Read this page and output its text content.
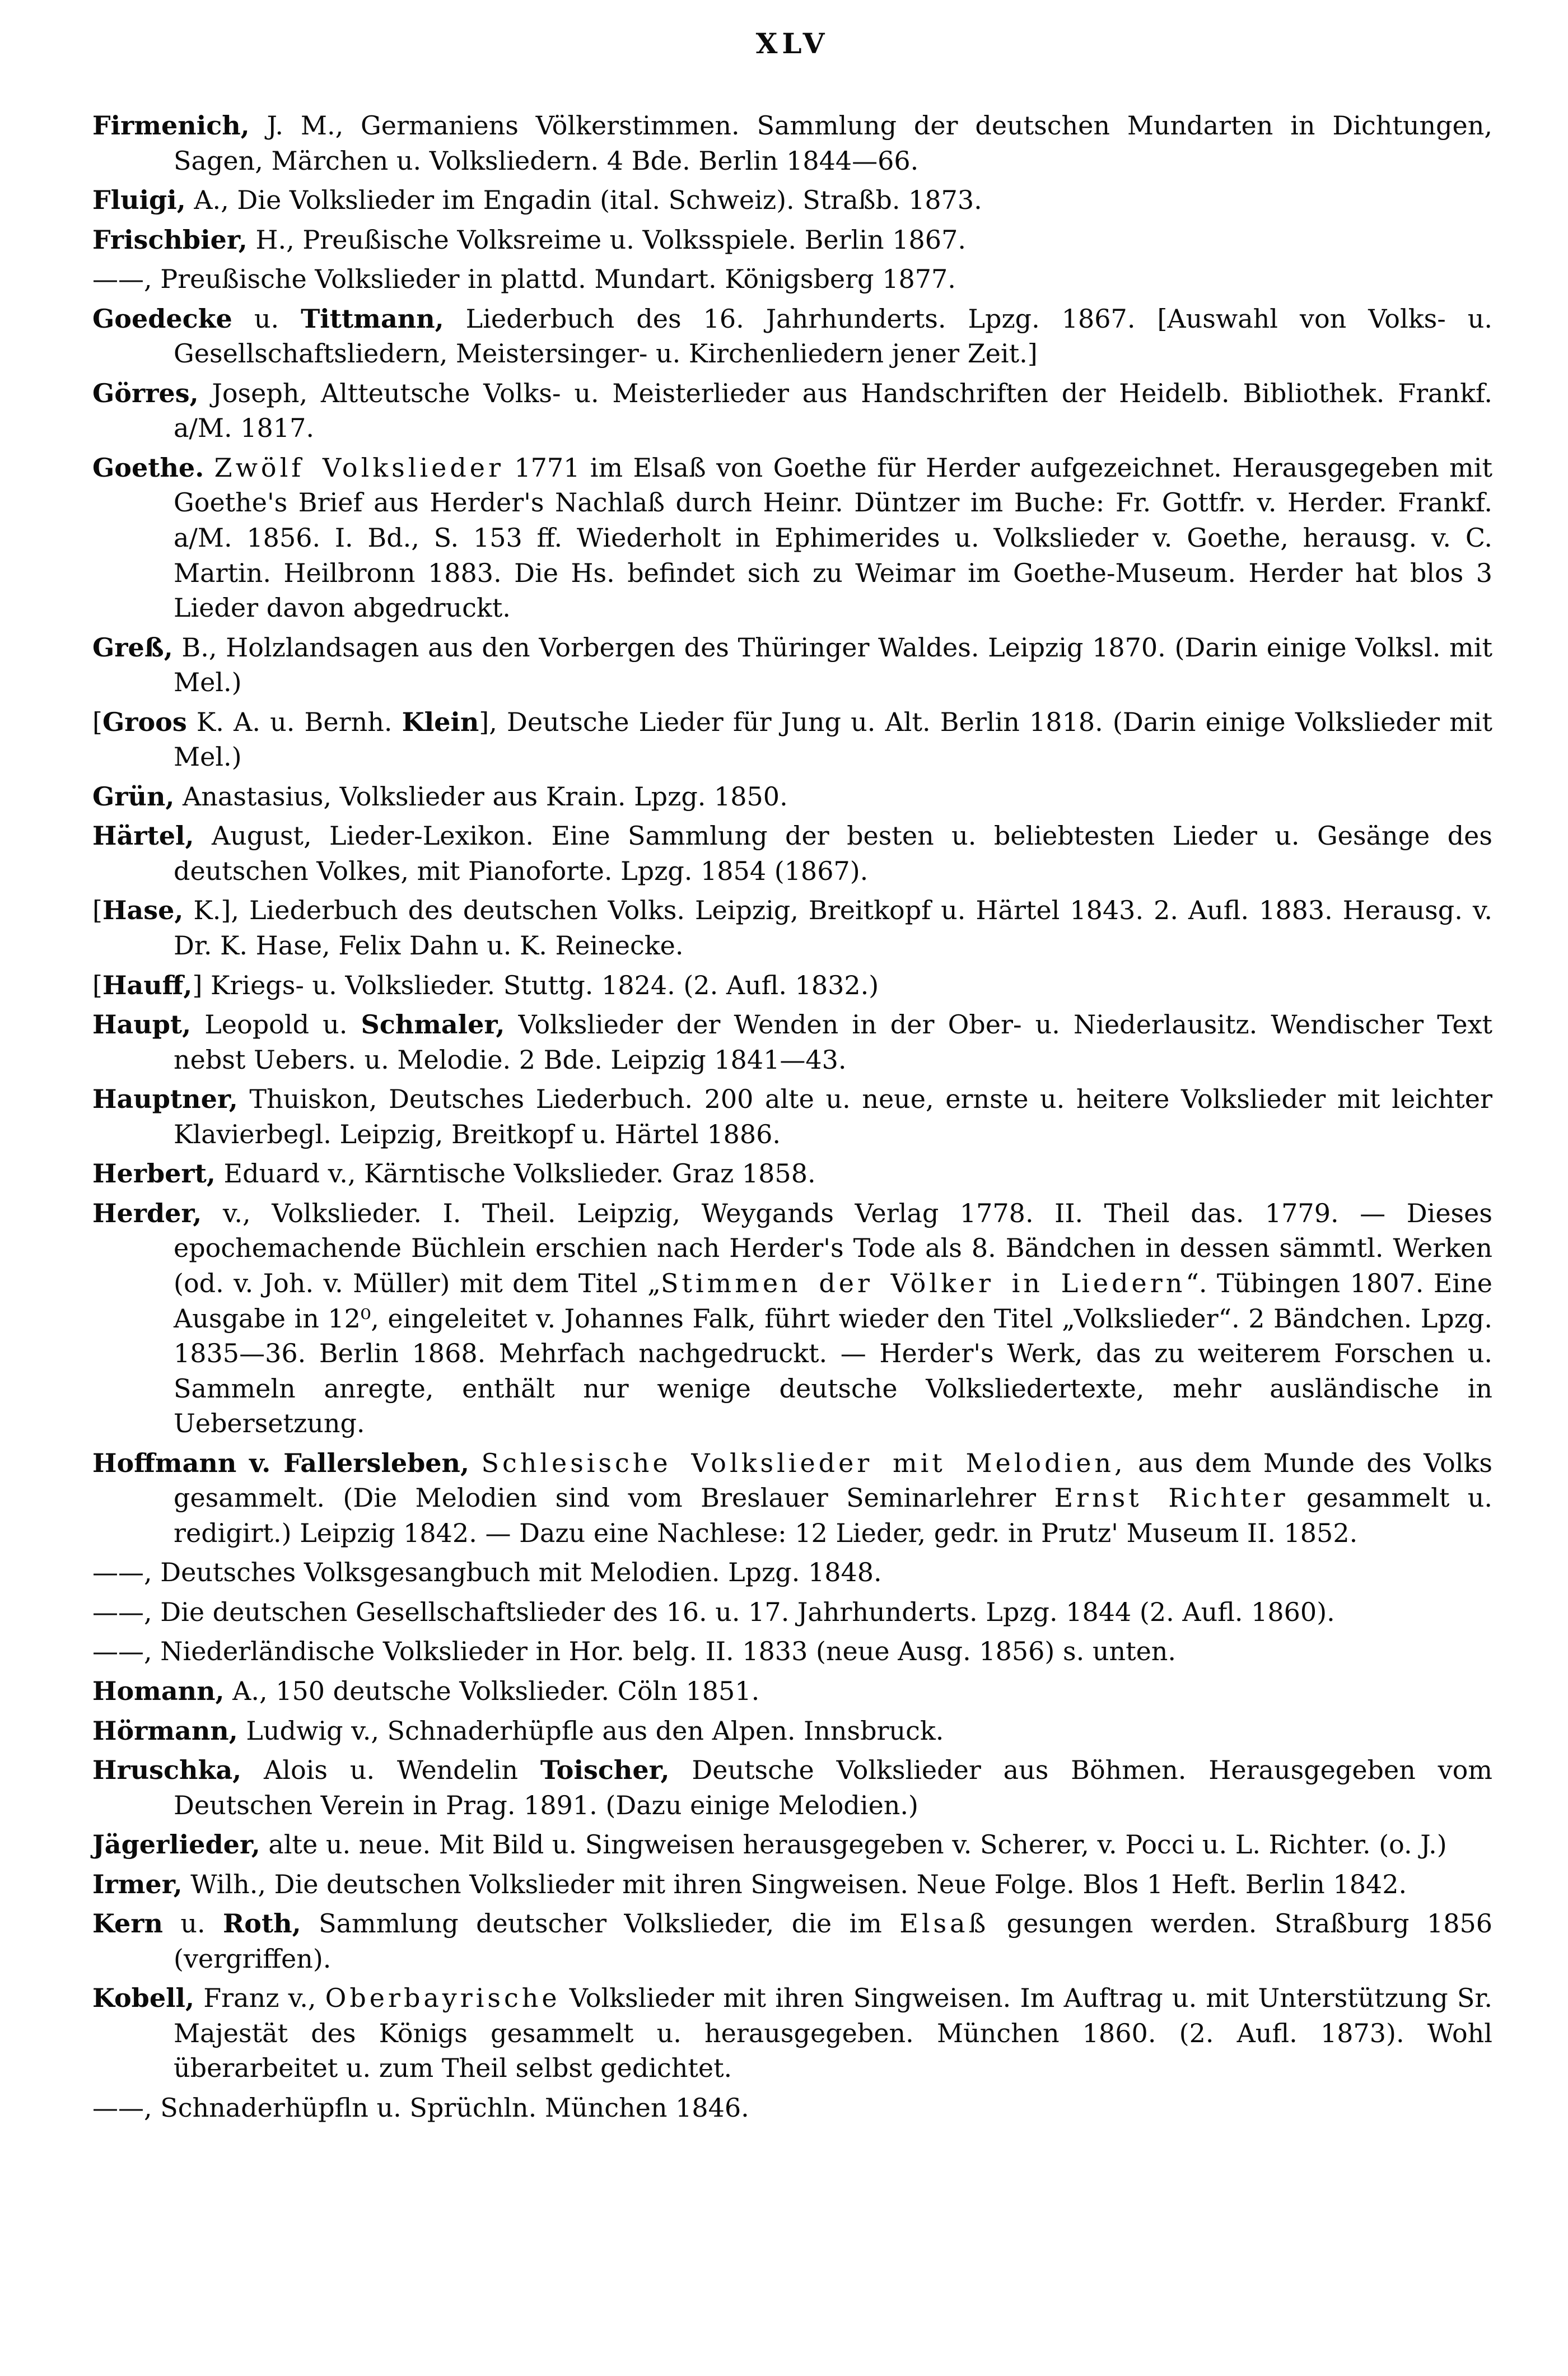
XLV

Firmenich, J. M., Germaniens Völkerstimmen. Sammlung der deutschen Mundarten in Dichtungen, Sagen, Märchen u. Volksliedern. 4 Bde. Berlin 1844—66.

Fluigi, A., Die Volkslieder im Engadin (ital. Schweiz). Straßb. 1873.

Frischbier, H., Preußische Volksreime u. Volksspiele. Berlin 1867.

——, Preußische Volkslieder in plattd. Mundart. Königsberg 1877.

Goedecke u. Tittmann, Liederbuch des 16. Jahrhunderts. Lpzg. 1867. [Auswahl von Volks- u. Gesellschaftsliedern, Meistersinger- u. Kirchenliedern jener Zeit.]

Görres, Joseph, Altteutsche Volks- u. Meisterlieder aus Handschriften der Heidelb. Bibliothek. Frankf. a/M. 1817.

Goethe. Zwölf Volkslieder 1771 im Elsaß von Goethe für Herder aufgezeichnet. Herausgegeben mit Goethe's Brief aus Herder's Nachlaß durch Heinr. Düntzer im Buche: Fr. Gottfr. v. Herder. Frankf. a/M. 1856. I. Bd., S. 153 ff. Wiederholt in Ephimerides u. Volkslieder v. Goethe, herausg. v. C. Martin. Heilbronn 1883. Die Hs. befindet sich zu Weimar im Goethe-Museum. Herder hat blos 3 Lieder davon abgedruckt.

Greß, B., Holzlandsagen aus den Vorbergen des Thüringer Waldes. Leipzig 1870. (Darin einige Volksl. mit Mel.)

[Groos K. A. u. Bernh. Klein], Deutsche Lieder für Jung u. Alt. Berlin 1818. (Darin einige Volkslieder mit Mel.)

Grün, Anastasius, Volkslieder aus Krain. Lpzg. 1850.

Härtel, August, Lieder-Lexikon. Eine Sammlung der besten u. beliebtesten Lieder u. Gesänge des deutschen Volkes, mit Pianoforte. Lpzg. 1854 (1867).

[Hase, K.], Liederbuch des deutschen Volks. Leipzig, Breitkopf u. Härtel 1843. 2. Aufl. 1883. Herausg. v. Dr. K. Hase, Felix Dahn u. K. Reinecke.

[Hauff,] Kriegs- u. Volkslieder. Stuttg. 1824. (2. Aufl. 1832.)

Haupt, Leopold u. Schmaler, Volkslieder der Wenden in der Ober- u. Niederlausitz. Wendischer Text nebst Uebers. u. Melodie. 2 Bde. Leipzig 1841—43.

Hauptner, Thuiskon, Deutsches Liederbuch. 200 alte u. neue, ernste u. heitere Volkslieder mit leichter Klavierbegl. Leipzig, Breitkopf u. Härtel 1886.

Herbert, Eduard v., Kärntische Volkslieder. Graz 1858.

Herder, v., Volkslieder. I. Theil. Leipzig, Weygands Verlag 1778. II. Theil das. 1779. — Dieses epochemachende Büchlein erschien nach Herder's Tode als 8. Bändchen in dessen sämmtl. Werken (od. v. Joh. v. Müller) mit dem Titel „Stimmen der Völker in Liedern“. Tübingen 1807. Eine Ausgabe in 12⁰, eingeleitet v. Johannes Falk, führt wieder den Titel „Volkslieder“. 2 Bändchen. Lpzg. 1835—36. Berlin 1868. Mehrfach nachgedruckt. — Herder's Werk, das zu weiterem Forschen u. Sammeln anregte, enthält nur wenige deutsche Volksliedertexte, mehr ausländische in Uebersetzung.

Hoffmann v. Fallersleben, Schlesische Volkslieder mit Melodien, aus dem Munde des Volks gesammelt. (Die Melodien sind vom Breslauer Seminarlehrer Ernst Richter gesammelt u. redigirt.) Leipzig 1842. — Dazu eine Nachlese: 12 Lieder, gedr. in Prutz' Museum II. 1852.

——, Deutsches Volksgesangbuch mit Melodien. Lpzg. 1848.

——, Die deutschen Gesellschaftslieder des 16. u. 17. Jahrhunderts. Lpzg. 1844 (2. Aufl. 1860).

——, Niederländische Volkslieder in Hor. belg. II. 1833 (neue Ausg. 1856) s. unten.

Homann, A., 150 deutsche Volkslieder. Cöln 1851.

Hörmann, Ludwig v., Schnaderhüpfle aus den Alpen. Innsbruck.

Hruschka, Alois u. Wendelin Toischer, Deutsche Volkslieder aus Böhmen. Herausgegeben vom Deutschen Verein in Prag. 1891. (Dazu einige Melodien.)

Jägerlieder, alte u. neue. Mit Bild u. Singweisen herausgegeben v. Scherer, v. Pocci u. L. Richter. (o. J.)

Irmer, Wilh., Die deutschen Volkslieder mit ihren Singweisen. Neue Folge. Blos 1 Heft. Berlin 1842.

Kern u. Roth, Sammlung deutscher Volkslieder, die im Elsaß gesungen werden. Straßburg 1856 (vergriffen).

Kobell, Franz v., Oberbayrische Volkslieder mit ihren Singweisen. Im Auftrag u. mit Unterstützung Sr. Majestät des Königs gesammelt u. herausgegeben. München 1860. (2. Aufl. 1873). Wohl überarbeitet u. zum Theil selbst gedichtet.

——, Schnaderhüpfln u. Sprüchln. München 1846.
